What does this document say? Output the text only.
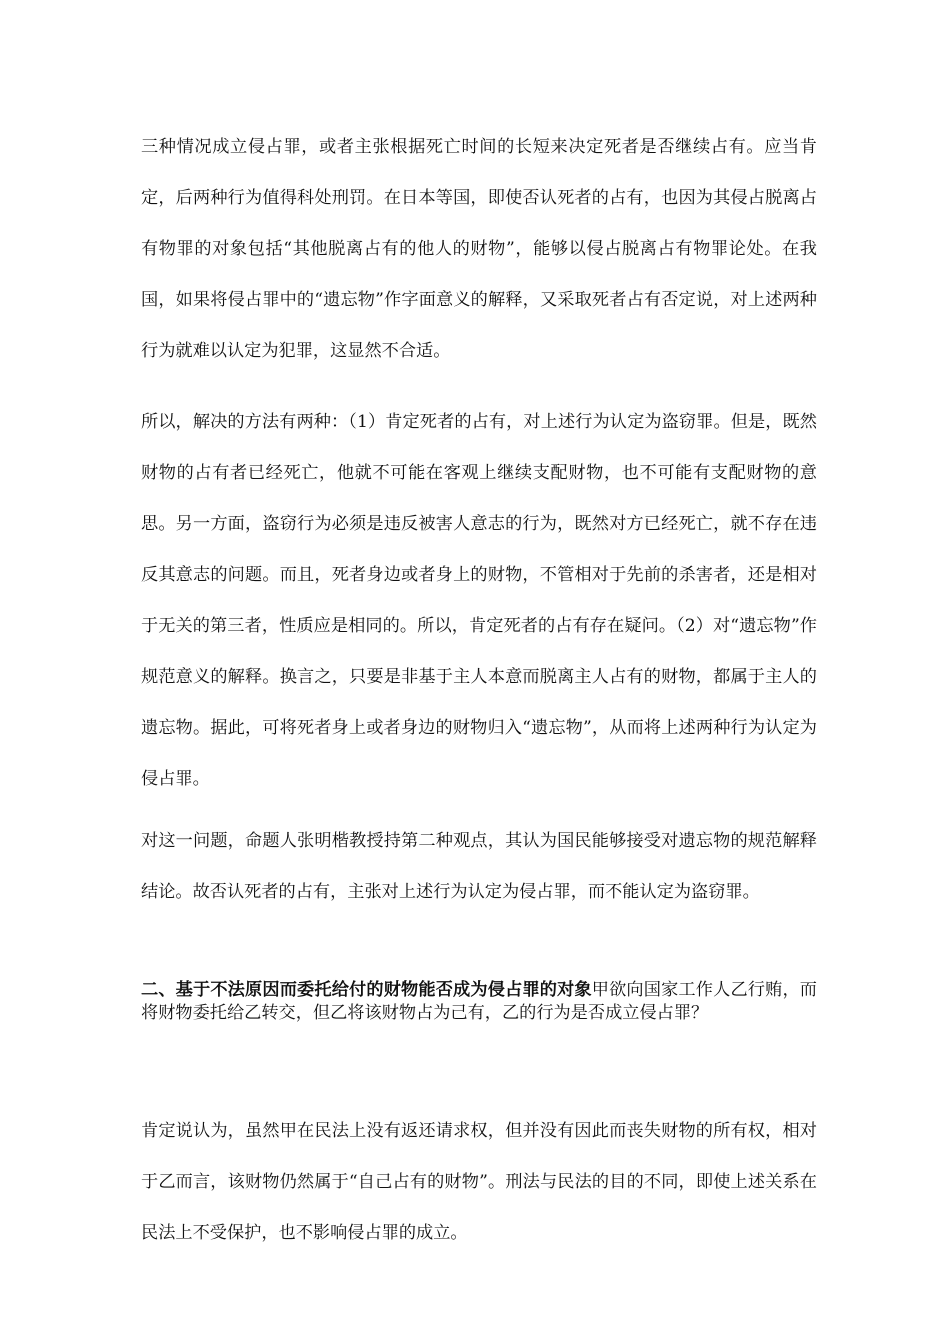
三种情况成立侵占罪，或者主张根据死亡时间的长短来决定死者是否继续占有。应当肯定，后两种行为值得科处刑罚。在日本等国，即使否认死者的占有，也因为其侵占脱离占有物罪的对象包括“其他脱离占有的他人的财物”，能够以侵占脱离占有物罪论处。在我国，如果将侵占罪中的“遗忘物”作字面意义的解释，又采取死者占有否定说，对上述两种行为就难以认定为犯罪，这显然不合适。

所以，解决的方法有两种：（1）肯定死者的占有，对上述行为认定为盗窃罪。但是，既然财物的占有者已经死亡，他就不可能在客观上继续支配财物，也不可能有支配财物的意思。另一方面，盗窃行为必须是违反被害人意志的行为，既然对方已经死亡，就不存在违反其意志的问题。而且，死者身边或者身上的财物，不管相对于先前的杀害者，还是相对于无关的第三者，性质应是相同的。所以，肯定死者的占有存在疑问。（2）对“遗忘物”作规范意义的解释。换言之，只要是非基于主人本意而脱离主人占有的财物，都属于主人的遗忘物。据此，可将死者身上或者身边的财物归入“遗忘物”，从而将上述两种行为认定为侵占罪。

对这一问题，命题人张明楷教授持第二种观点，其认为国民能够接受对遗忘物的规范解释结论。故否认死者的占有，主张对上述行为认定为侵占罪，而不能认定为盗窃罪。

二、基于不法原因而委托给付的财物能否成为侵占罪的对象甲欲向国家工作人乙行贿，而将财物委托给乙转交，但乙将该财物占为己有，乙的行为是否成立侵占罪？

肯定说认为，虽然甲在民法上没有返还请求权，但并没有因此而丧失财物的所有权，相对于乙而言，该财物仍然属于“自己占有的财物”。刑法与民法的目的不同，即使上述关系在民法上不受保护，也不影响侵占罪的成立。
